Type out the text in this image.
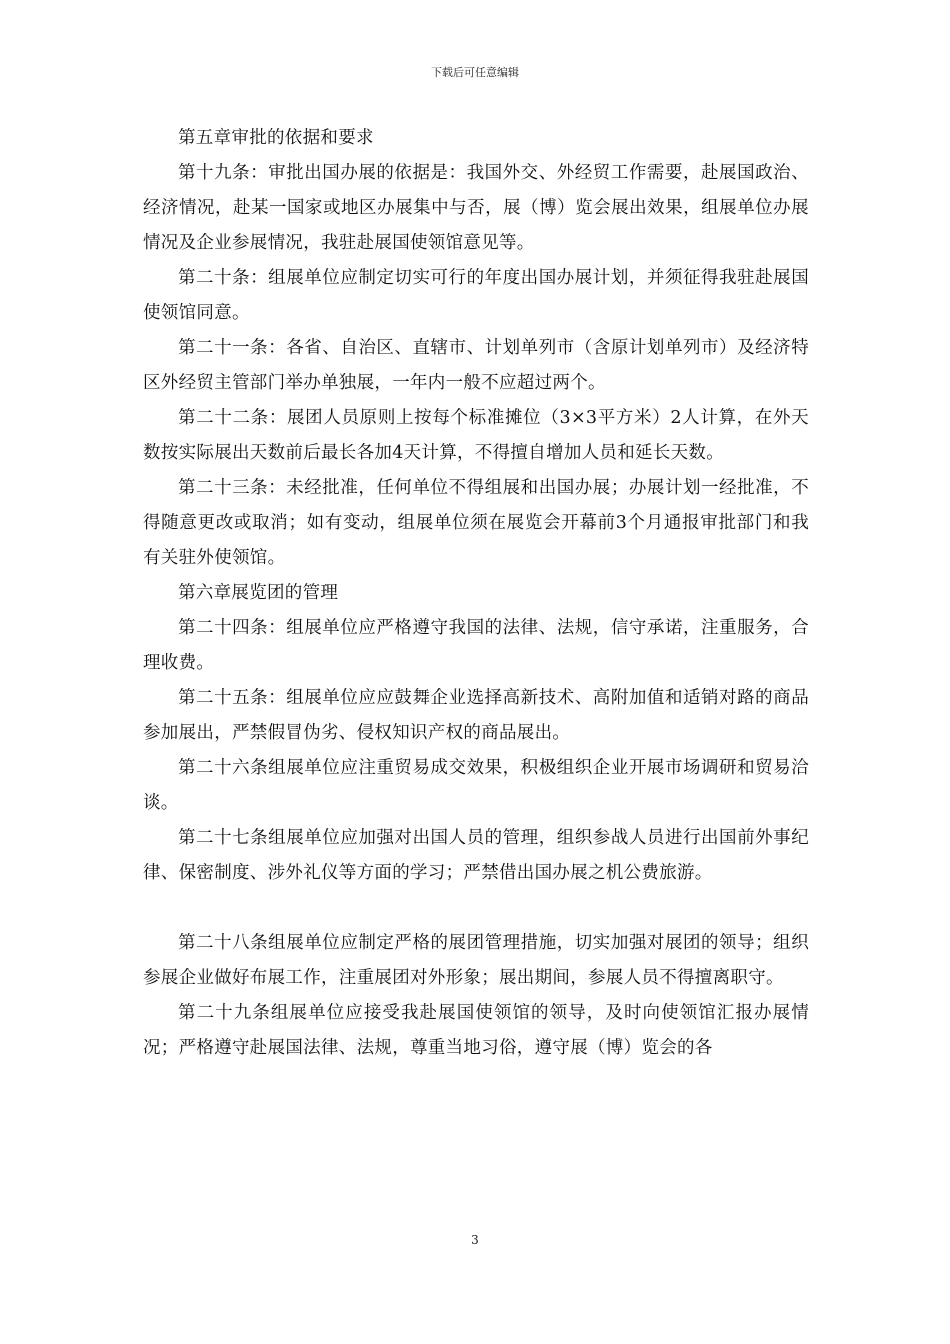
下载后可任意编辑

第五章审批的依据和要求

第十九条：审批出国办展的依据是：我国外交、外经贸工作需要，赴展国政治、经济情况，赴某一国家或地区办展集中与否，展（博）览会展出效果，组展单位办展情况及企业参展情况，我驻赴展国使领馆意见等。

第二十条：组展单位应制定切实可行的年度出国办展计划，并须征得我驻赴展国使领馆同意。

第二十一条：各省、自治区、直辖市、计划单列市（含原计划单列市）及经济特区外经贸主管部门举办单独展，一年内一般不应超过两个。

第二十二条：展团人员原则上按每个标准摊位（3×3平方米）2人计算，在外天数按实际展出天数前后最长各加4天计算，不得擅自增加人员和延长天数。

第二十三条：未经批准，任何单位不得组展和出国办展；办展计划一经批准，不得随意更改或取消；如有变动，组展单位须在展览会开幕前3个月通报审批部门和我有关驻外使领馆。

第六章展览团的管理

第二十四条：组展单位应严格遵守我国的法律、法规，信守承诺，注重服务，合理收费。

第二十五条：组展单位应应鼓舞企业选择高新技术、高附加值和适销对路的商品参加展出，严禁假冒伪劣、侵权知识产权的商品展出。

第二十六条组展单位应注重贸易成交效果，积极组织企业开展市场调研和贸易洽谈。

第二十七条组展单位应加强对出国人员的管理，组织参战人员进行出国前外事纪律、保密制度、涉外礼仪等方面的学习；严禁借出国办展之机公费旅游。

第二十八条组展单位应制定严格的展团管理措施，切实加强对展团的领导；组织参展企业做好布展工作，注重展团对外形象；展出期间，参展人员不得擅离职守。

第二十九条组展单位应接受我赴展国使领馆的领导，及时向使领馆汇报办展情况；严格遵守赴展国法律、法规，尊重当地习俗，遵守展（博）览会的各

3
